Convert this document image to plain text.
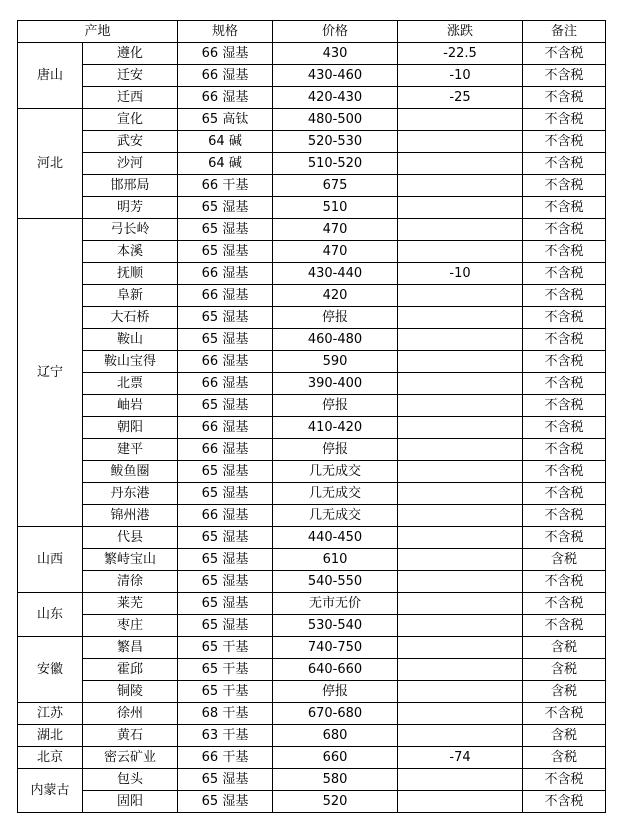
产地		规格	价格	涨跌	备注
唐山	遵化	66 湿基	430	-22.5	不含税
	迁安	66 湿基	430-460	-10	不含税
	迁西	66 湿基	420-430	-25	不含税
河北	宣化	65 高钛	480-500		不含税
	武安	64 碱	520-530		不含税
	沙河	64 碱	510-520		不含税
	邯邢局	66 干基	675		不含税
	明芳	65 湿基	510		不含税
辽宁	弓长岭	65 湿基	470		不含税
	本溪	65 湿基	470		不含税
	抚顺	66 湿基	430-440	-10	不含税
	阜新	66 湿基	420		不含税
	大石桥	65 湿基	停报		不含税
	鞍山	65 湿基	460-480		不含税
	鞍山宝得	66 湿基	590		不含税
	北票	66 湿基	390-400		不含税
	岫岩	65 湿基	停报		不含税
	朝阳	66 湿基	410-420		不含税
	建平	66 湿基	停报		不含税
	鲅鱼圈	65 湿基	几无成交		不含税
	丹东港	65 湿基	几无成交		不含税
	锦州港	66 湿基	几无成交		不含税
山西	代县	65 湿基	440-450		不含税
	繁峙宝山	65 湿基	610		含税
	清徐	65 湿基	540-550		不含税
山东	莱芜	65 湿基	无市无价		不含税
	枣庄	65 湿基	530-540		不含税
安徽	繁昌	65 干基	740-750		含税
	霍邱	65 干基	640-660		含税
	铜陵	65 干基	停报		含税
江苏	徐州	68 干基	670-680		不含税
湖北	黄石	63 干基	680		含税
北京	密云矿业	66 干基	660	-74	含税
内蒙古	包头	65 湿基	580		不含税
	固阳	65 湿基	520		不含税
